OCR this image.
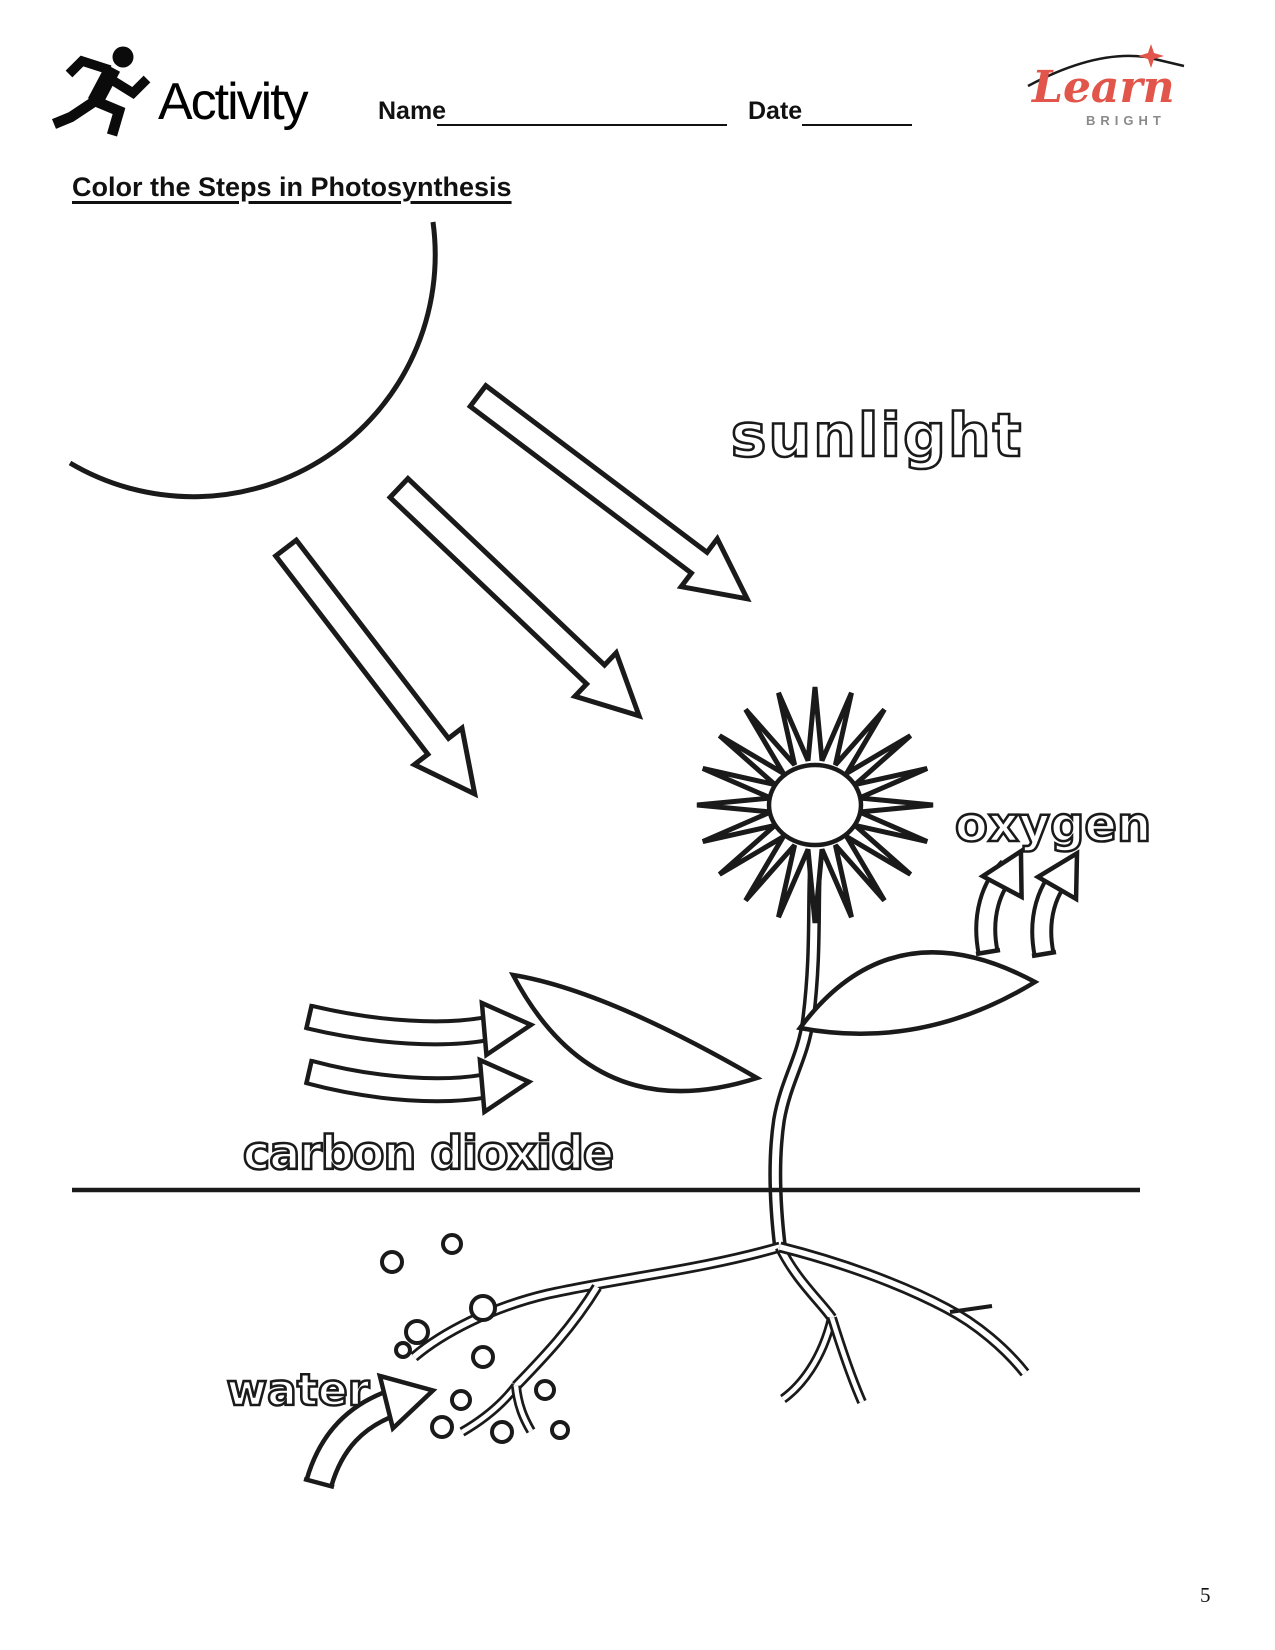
Activity	Name	Date	Learn
BRIGHT
Color the Steps in Photosynthesis
sunlight
oxygen
carbon dioxide
water
5
